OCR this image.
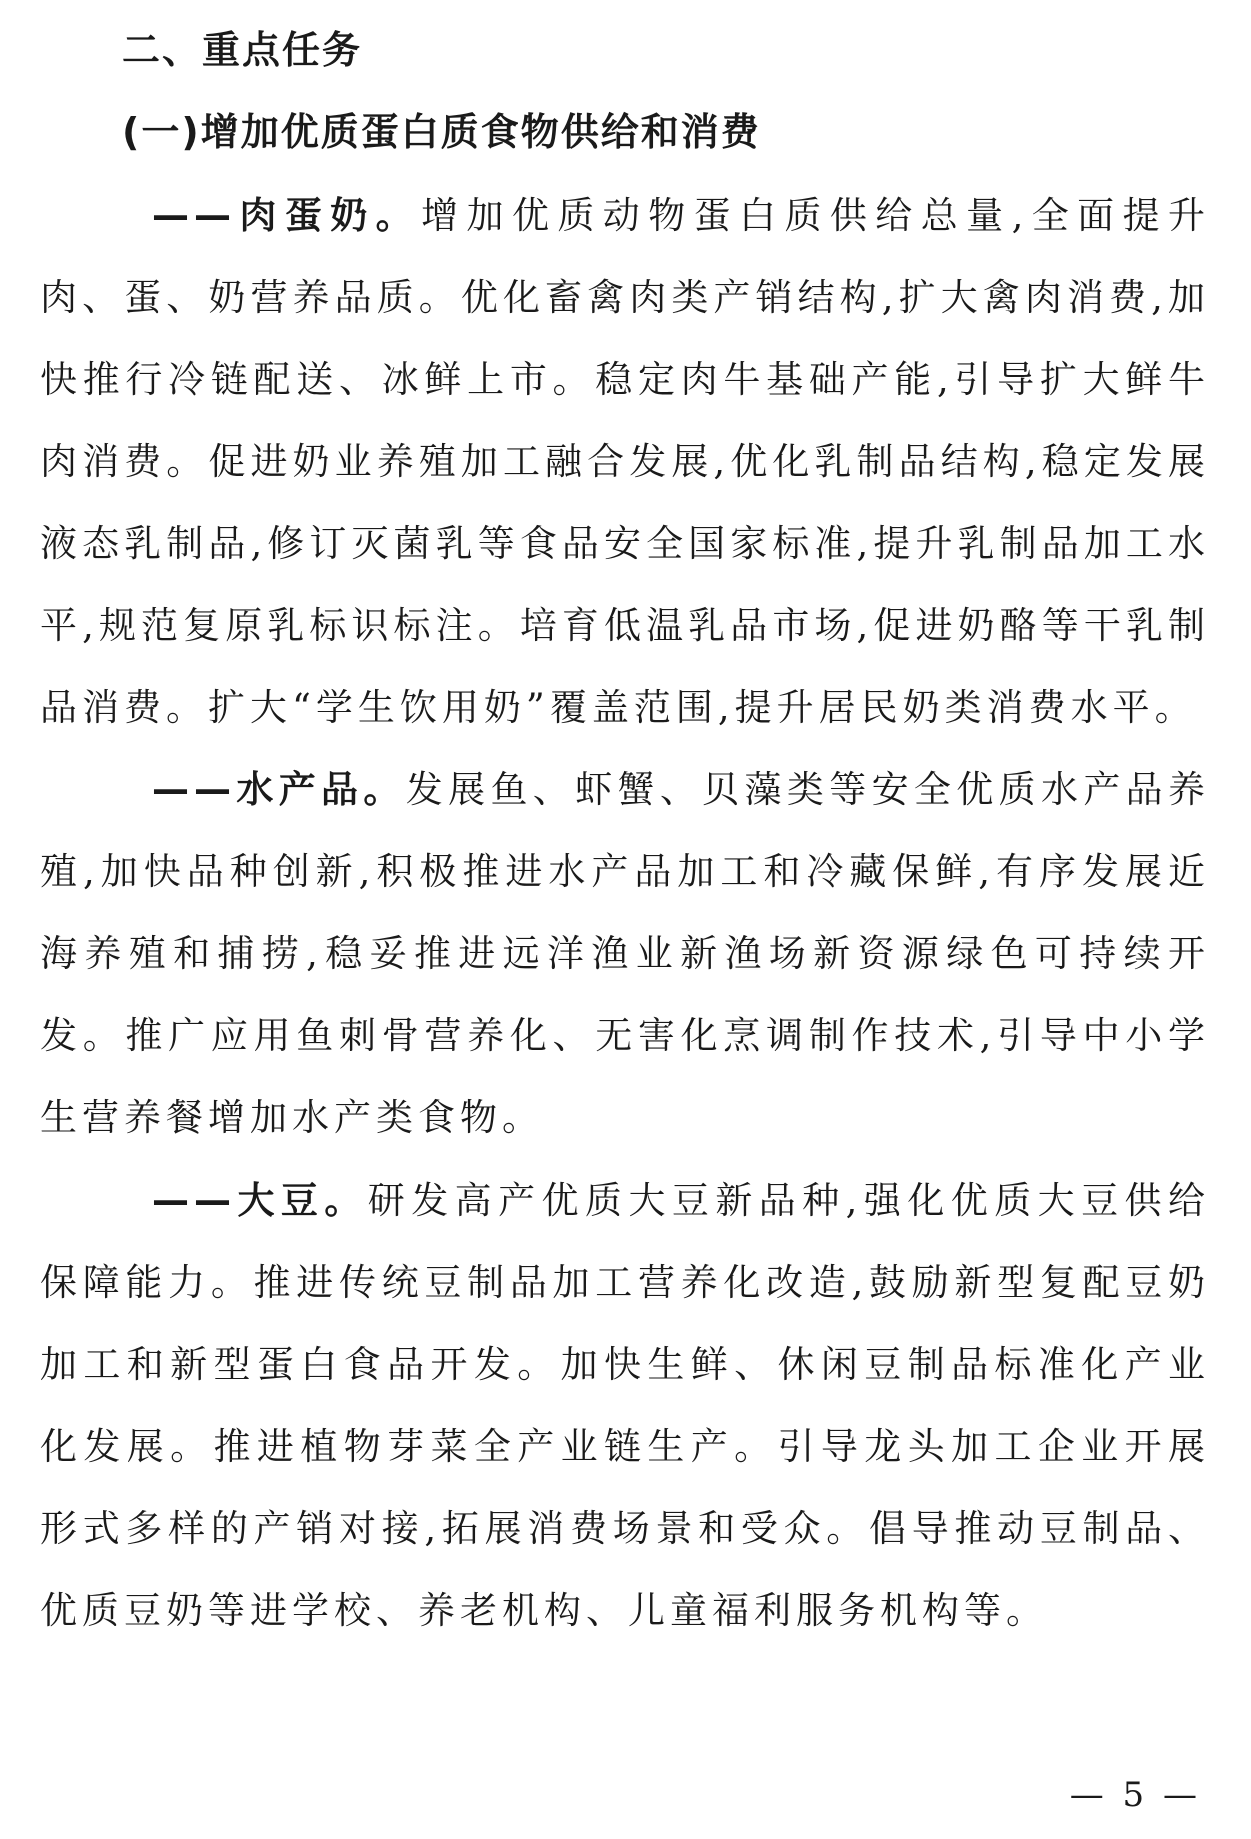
二、重点任务
(一)增加优质蛋白质食物供给和消费

——肉蛋奶。增加优质动物蛋白质供给总量,全面提升肉、蛋、奶营养品质。优化畜禽肉类产销结构,扩大禽肉消费,加快推行冷链配送、冰鲜上市。稳定肉牛基础产能,引导扩大鲜牛肉消费。促进奶业养殖加工融合发展,优化乳制品结构,稳定发展液态乳制品,修订灭菌乳等食品安全国家标准,提升乳制品加工水平,规范复原乳标识标注。培育低温乳品市场,促进奶酪等干乳制品消费。扩大“学生饮用奶”覆盖范围,提升居民奶类消费水平。

——水产品。发展鱼、虾蟹、贝藻类等安全优质水产品养殖,加快品种创新,积极推进水产品加工和冷藏保鲜,有序发展近海养殖和捕捞,稳妥推进远洋渔业新渔场新资源绿色可持续开发。推广应用鱼刺骨营养化、无害化烹调制作技术,引导中小学生营养餐增加水产类食物。

——大豆。研发高产优质大豆新品种,强化优质大豆供给保障能力。推进传统豆制品加工营养化改造,鼓励新型复配豆奶加工和新型蛋白食品开发。加快生鲜、休闲豆制品标准化产业化发展。推进植物芽菜全产业链生产。引导龙头加工企业开展形式多样的产销对接,拓展消费场景和受众。倡导推动豆制品、优质豆奶等进学校、养老机构、儿童福利服务机构等。

— 5 —
